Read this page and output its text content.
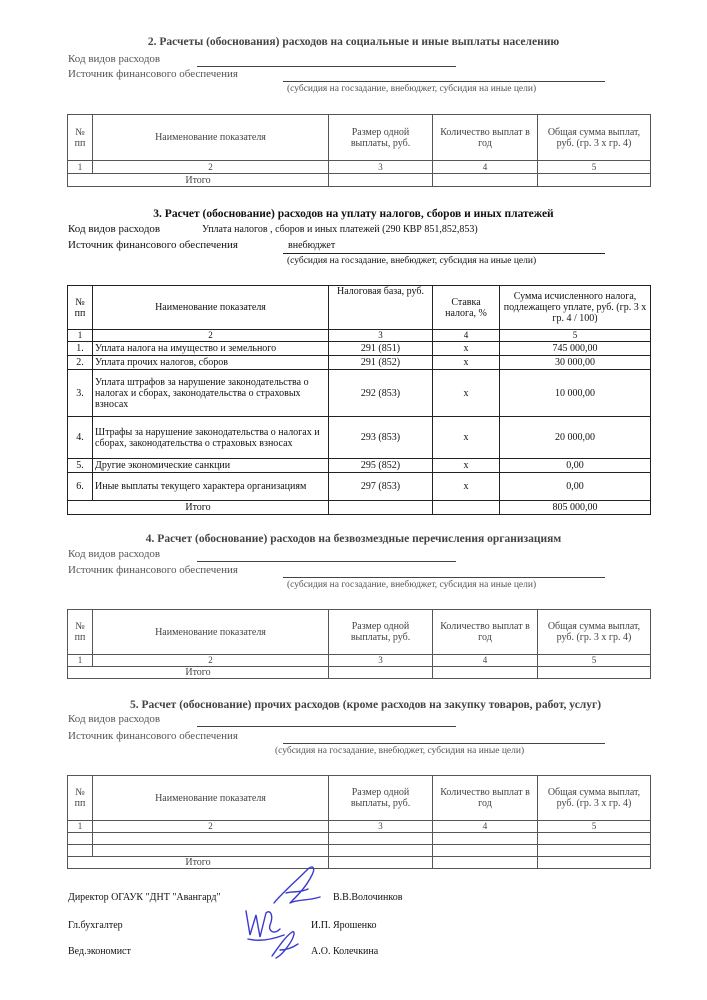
2. Расчеты (обоснования) расходов на социальные и иные выплаты населению
Код видов расходов
Источник финансового обеспечения
(субсидия на госзадание, внебюджет, субсидия на иные цели)
№ пп	Наименование показателя	Размер одной выплаты, руб.	Количество выплат в год	Общая сумма выплат, руб. (гр. 3 х гр. 4)
1	2	3	4	5
Итого				
3. Расчет (обоснование) расходов на уплату налогов, сборов и иных платежей
Код видов расходов	Уплата налогов , сборов и иных платежей (290 КВР 851,852,853)
Источник финансового обеспечения	внебюджет
(субсидия на госзадание, внебюджет, субсидия на иные цели)
№ пп	Наименование показателя	Налоговая база, руб.	Ставка налога, %	Сумма исчисленного налога, подлежащего уплате, руб. (гр. 3 х гр. 4 / 100)
1	2	3	4	5
1.	Уплата налога на имущество и земельного	291 (851)	x	745 000,00
2.	Уплата прочих налогов, сборов	291 (852)	x	30 000,00
3.	Уплата штрафов за нарушение законодательства о налогах и сборах, законодательства о страховых взносах	292 (853)	x	10 000,00
4.	Штрафы за нарушение законодательства о налогах и сборах, законодательства о страховых взносах	293 (853)	x	20 000,00
5.	Другие экономические санкции	295 (852)	x	0,00
6.	Иные выплаты текущего характера организациям	297 (853)	x	0,00
Итого				805 000,00
4. Расчет (обоснование) расходов на безвозмездные перечисления организациям
Код видов расходов
Источник финансового обеспечения
(субсидия на госзадание, внебюджет, субсидия на иные цели)
№ пп	Наименование показателя	Размер одной выплаты, руб.	Количество выплат в год	Общая сумма выплат, руб. (гр. 3 х гр. 4)
1	2	3	4	5
Итого				
5. Расчет (обоснование) прочих расходов (кроме расходов на закупку товаров, работ, услуг)
Код видов расходов
Источник финансового обеспечения
(субсидия на госзадание, внебюджет, субсидия на иные цели)
№ пп	Наименование показателя	Размер одной выплаты, руб.	Количество выплат в год	Общая сумма выплат, руб. (гр. 3 х гр. 4)
1	2	3	4	5

Итого				
Директор ОГАУК "ДНТ "Авангард"	В.В.Волочинков
Гл.бухгалтер	И.П. Ярошенко
Вед.экономист	А.О. Колечкина
